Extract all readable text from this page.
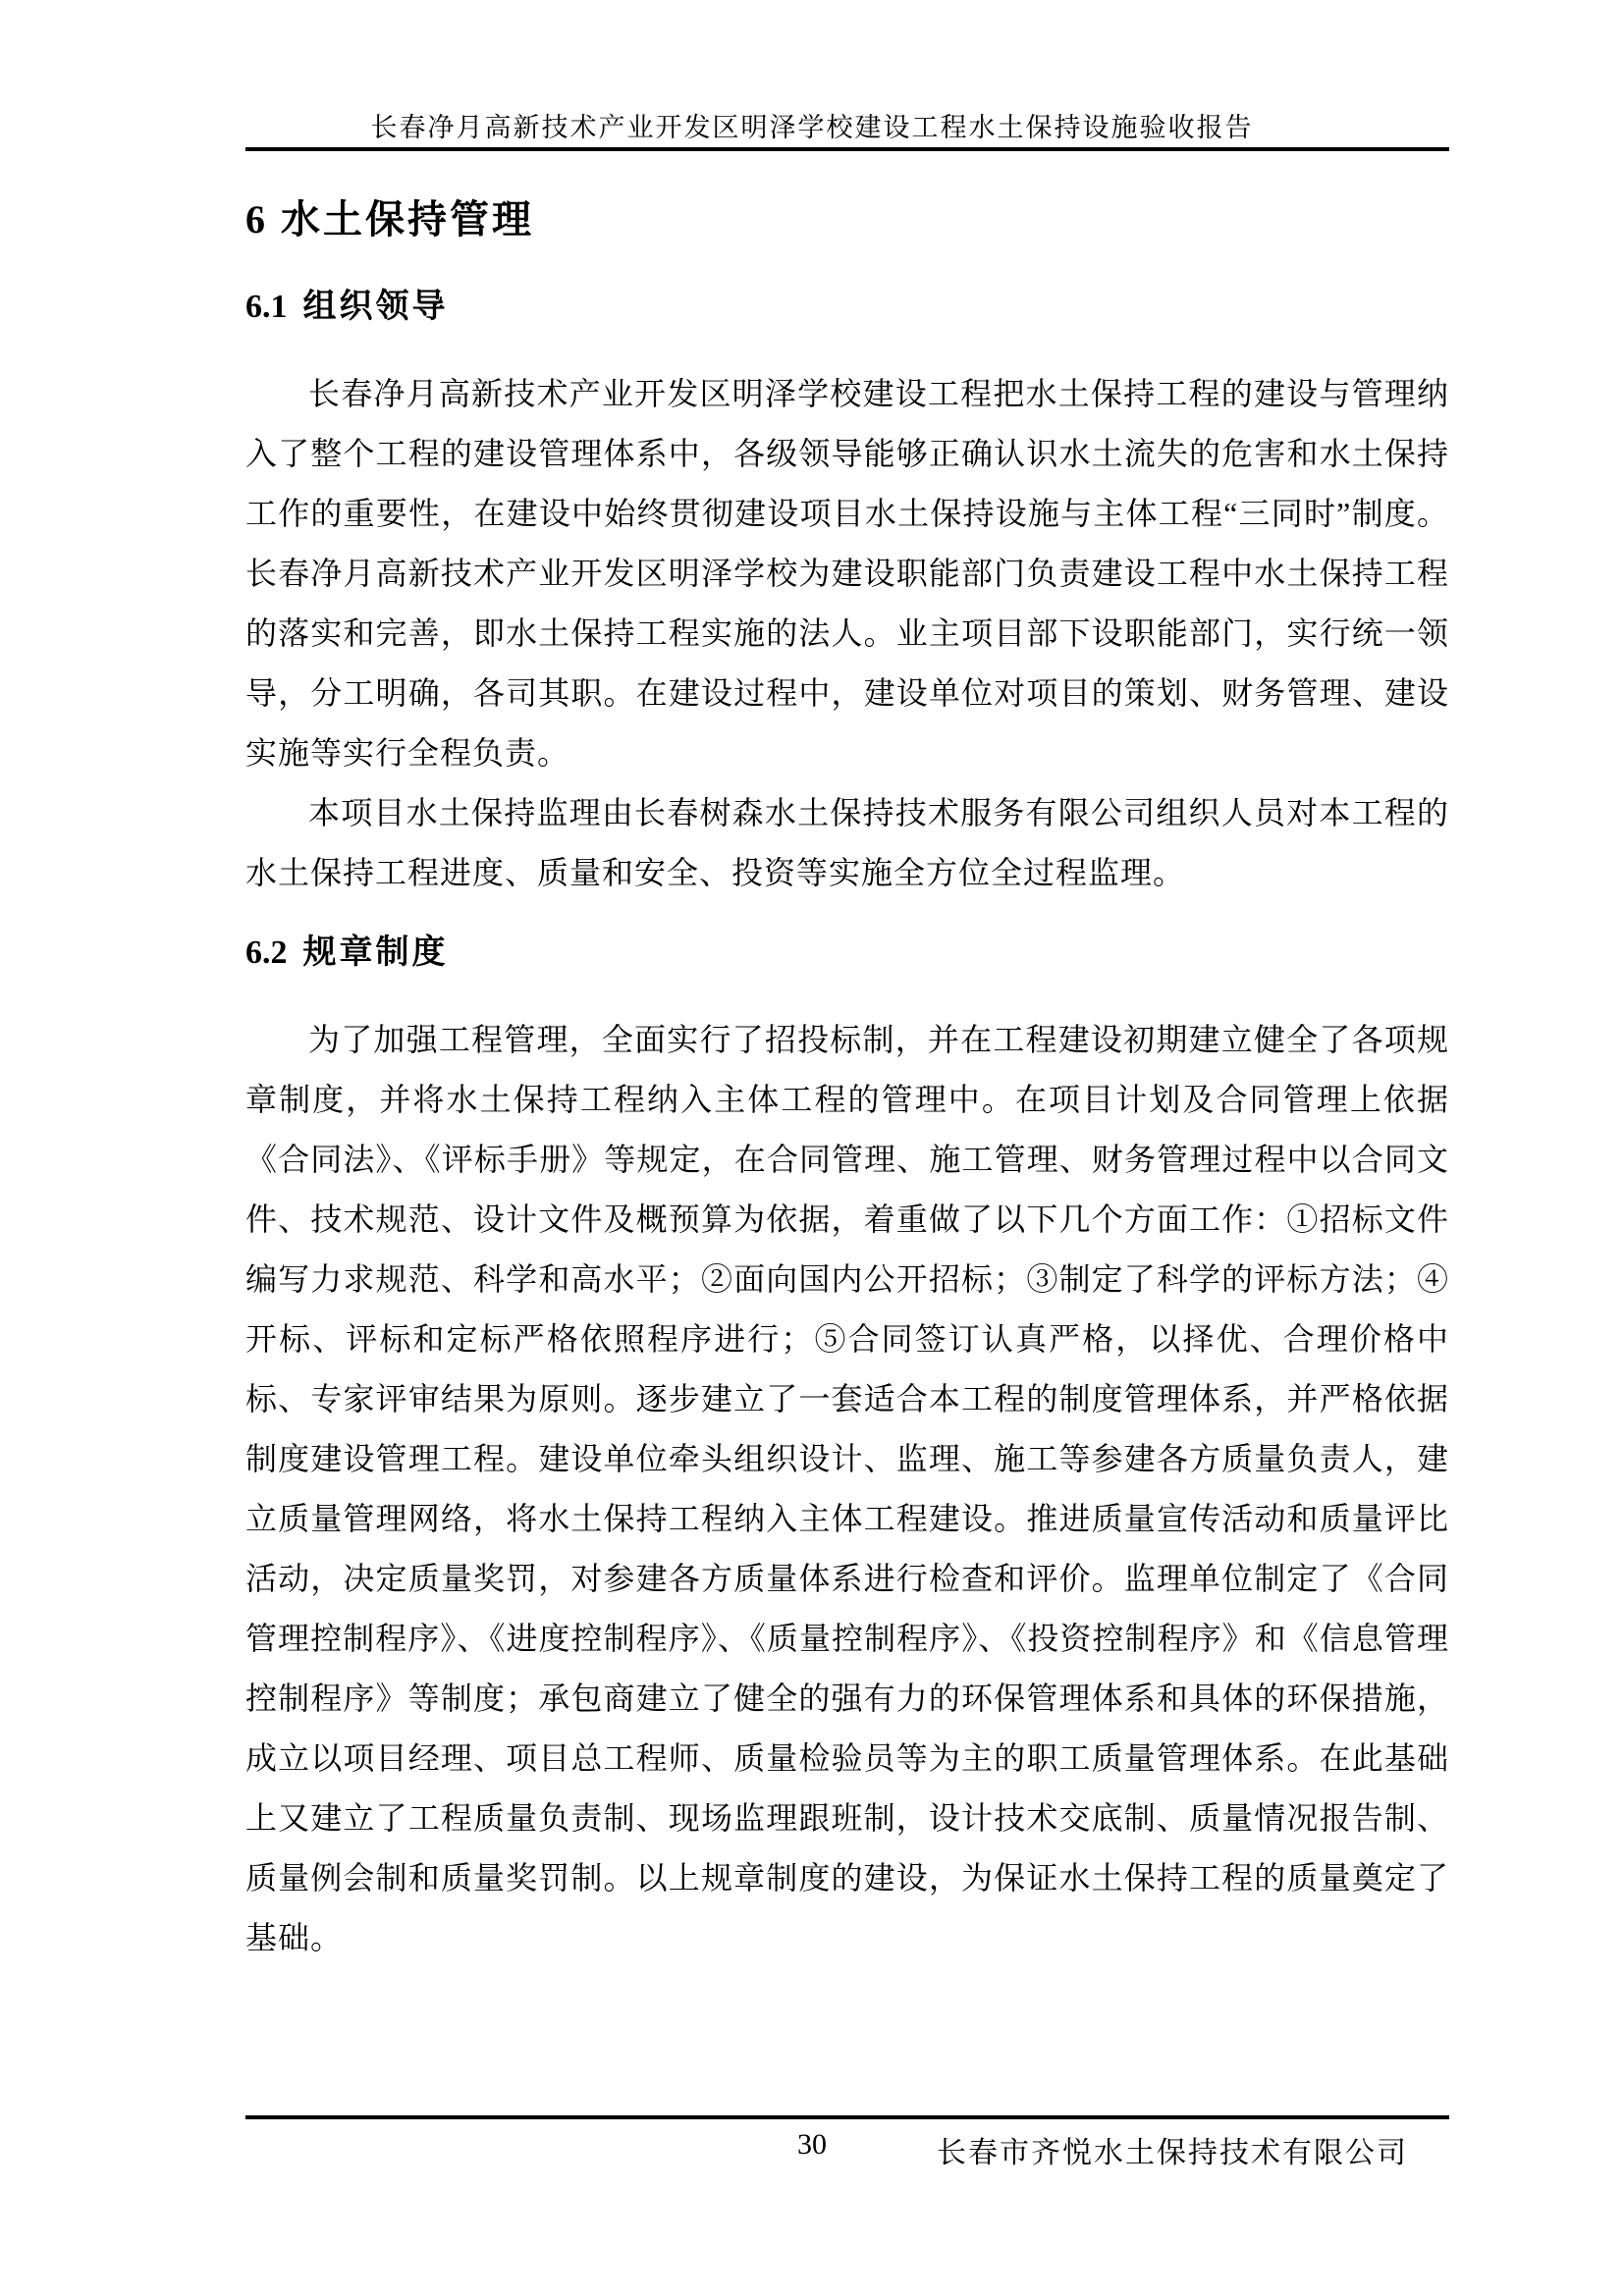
长春净月高新技术产业开发区明泽学校建设工程水土保持设施验收报告
6 水土保持管理
6.1 组织领导

长春净月高新技术产业开发区明泽学校建设工程把水土保持工程的建设与管理纳入了整个工程的建设管理体系中，各级领导能够正确认识水土流失的危害和水土保持工作的重要性，在建设中始终贯彻建设项目水土保持设施与主体工程“三同时”制度。长春净月高新技术产业开发区明泽学校为建设职能部门负责建设工程中水土保持工程的落实和完善，即水土保持工程实施的法人。业主项目部下设职能部门，实行统一领导，分工明确，各司其职。在建设过程中，建设单位对项目的策划、财务管理、建设实施等实行全程负责。

本项目水土保持监理由长春树森水土保持技术服务有限公司组织人员对本工程的水土保持工程进度、质量和安全、投资等实施全方位全过程监理。

6.2 规章制度

为了加强工程管理，全面实行了招投标制，并在工程建设初期建立健全了各项规章制度，并将水土保持工程纳入主体工程的管理中。在项目计划及合同管理上依据《合同法》、《评标手册》等规定，在合同管理、施工管理、财务管理过程中以合同文件、技术规范、设计文件及概预算为依据，着重做了以下几个方面工作：①招标文件编写力求规范、科学和高水平；②面向国内公开招标；③制定了科学的评标方法；④开标、评标和定标严格依照程序进行；⑤合同签订认真严格，以择优、合理价格中标、专家评审结果为原则。逐步建立了一套适合本工程的制度管理体系，并严格依据制度建设管理工程。建设单位牵头组织设计、监理、施工等参建各方质量负责人，建立质量管理网络，将水土保持工程纳入主体工程建设。推进质量宣传活动和质量评比活动，决定质量奖罚，对参建各方质量体系进行检查和评价。监理单位制定了《合同管理控制程序》、《进度控制程序》、《质量控制程序》、《投资控制程序》和《信息管理控制程序》等制度；承包商建立了健全的强有力的环保管理体系和具体的环保措施，成立以项目经理、项目总工程师、质量检验员等为主的职工质量管理体系。在此基础上又建立了工程质量负责制、现场监理跟班制，设计技术交底制、质量情况报告制、质量例会制和质量奖罚制。以上规章制度的建设，为保证水土保持工程的质量奠定了基础。

30	长春市齐悦水土保持技术有限公司
